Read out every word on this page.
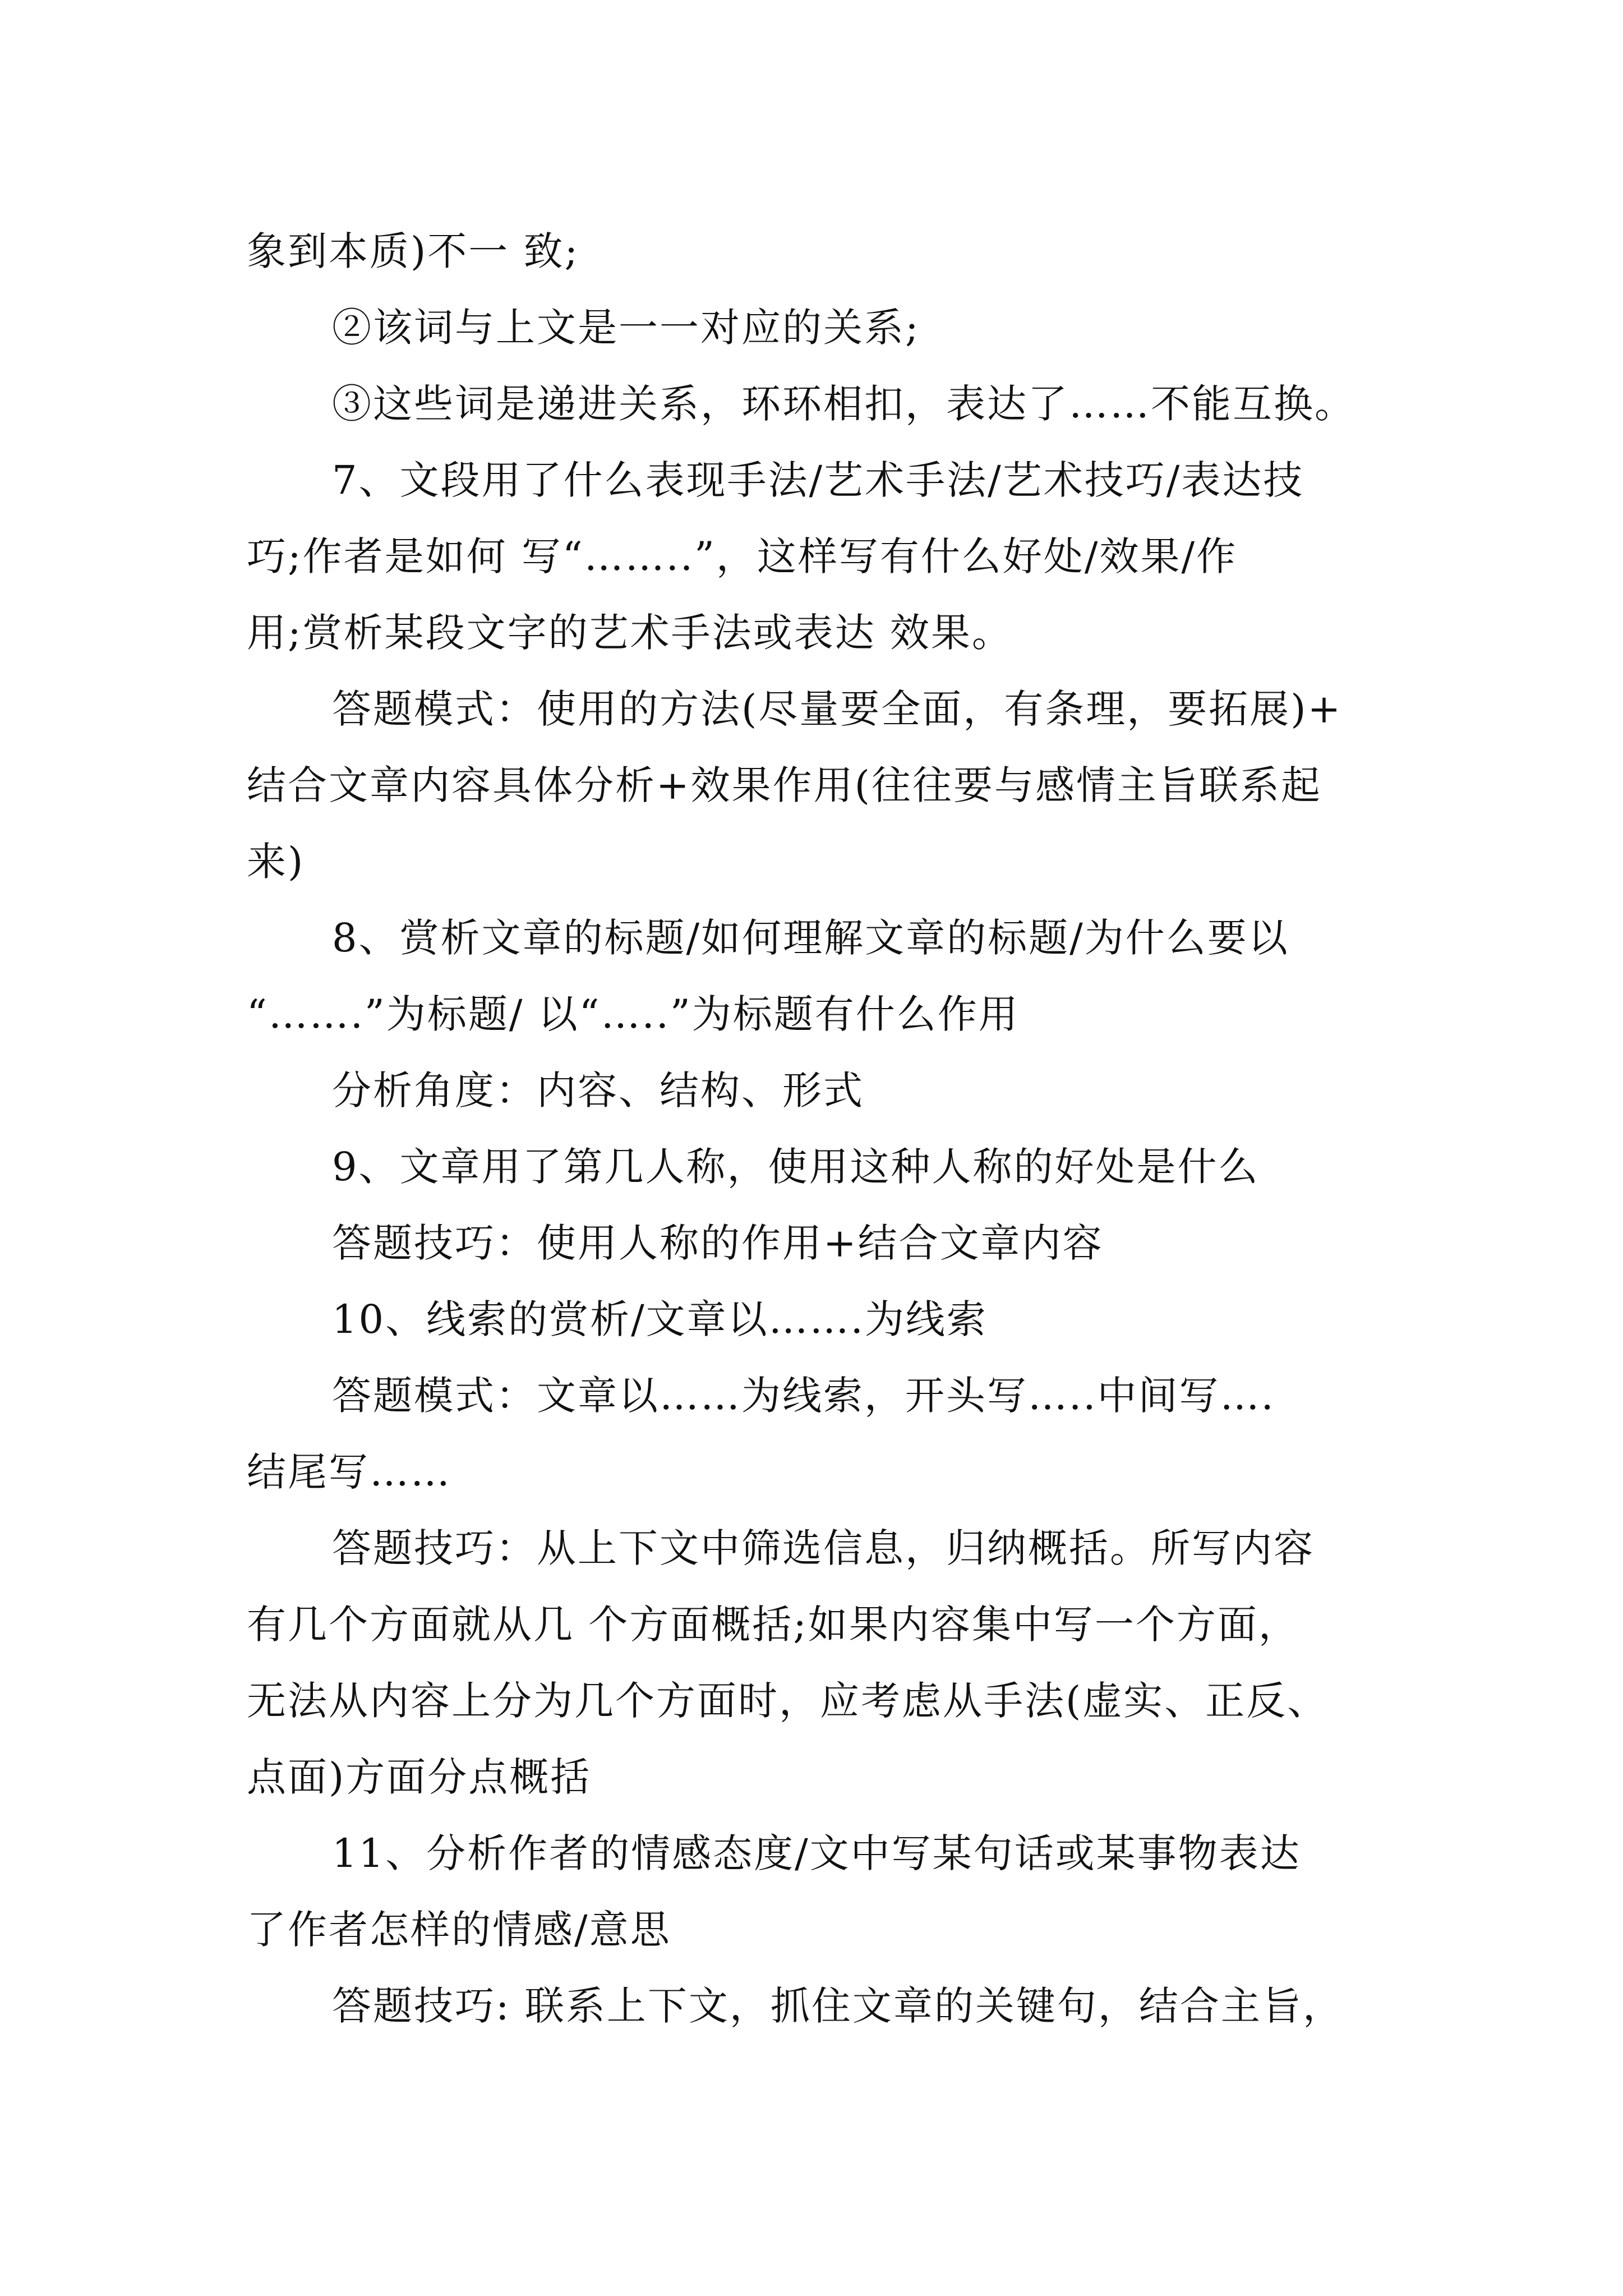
象到本质)不一 致;
②该词与上文是一一对应的关系;
③这些词是递进关系，环环相扣，表达了……不能互换。
7、文段用了什么表现手法/艺术手法/艺术技巧/表达技
巧;作者是如何 写“……..”，这样写有什么好处/效果/作
用;赏析某段文字的艺术手法或表达 效果。
答题模式：使用的方法(尽量要全面，有条理，要拓展)+
结合文章内容具体分析+效果作用(往往要与感情主旨联系起
来)
8、赏析文章的标题/如何理解文章的标题/为什么要以
“…….”为标题/ 以“…..”为标题有什么作用
分析角度：内容、结构、形式
9、文章用了第几人称，使用这种人称的好处是什么
答题技巧：使用人称的作用+结合文章内容
10、线索的赏析/文章以…….为线索
答题模式：文章以……为线索，开头写…..中间写….
结尾写……
答题技巧：从上下文中筛选信息，归纳概括。所写内容
有几个方面就从几 个方面概括;如果内容集中写一个方面，
无法从内容上分为几个方面时，应考虑从手法(虚实、正反、
点面)方面分点概括
11、分析作者的情感态度/文中写某句话或某事物表达
了作者怎样的情感/意思
答题技巧: 联系上下文，抓住文章的关键句，结合主旨，
